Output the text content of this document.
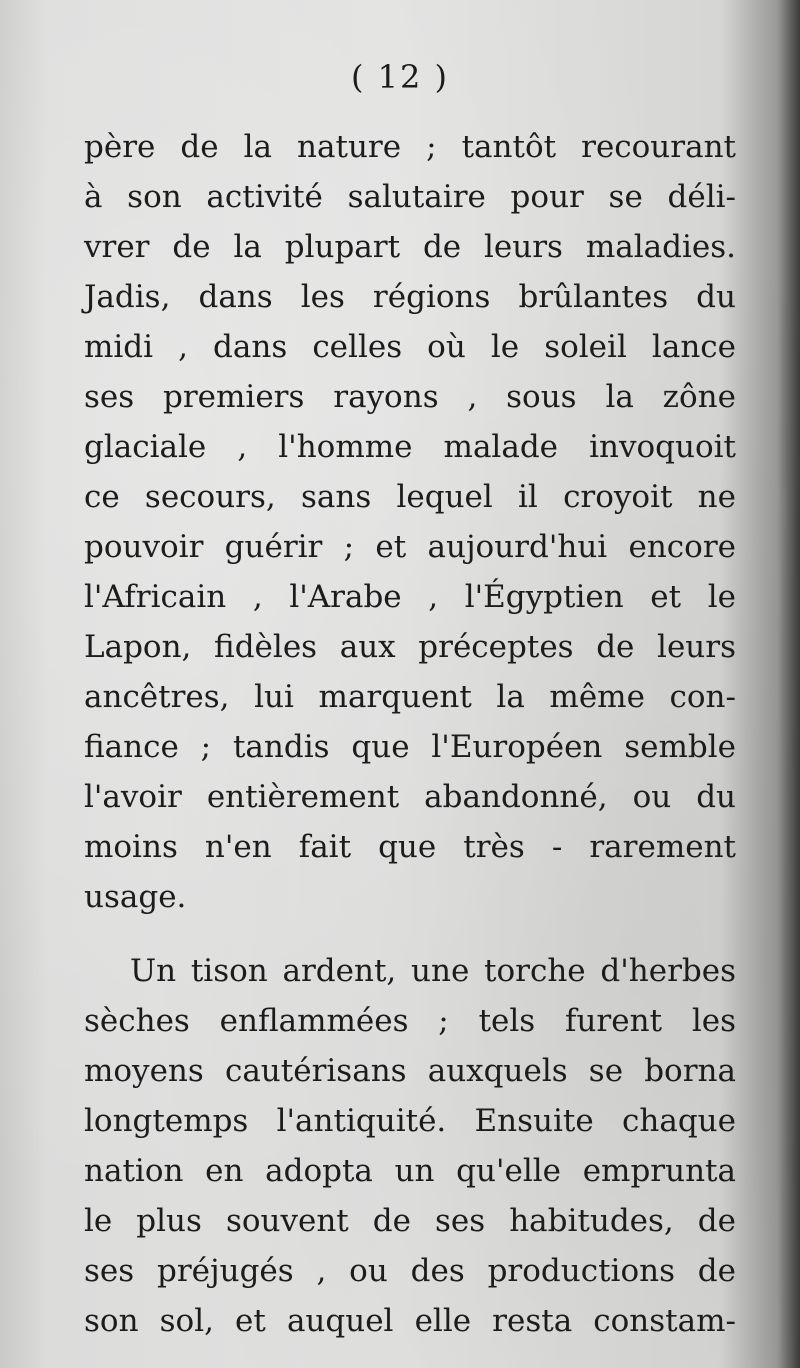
( 12 )
père de la nature ; tantôt recourant
à son activité salutaire pour se déli-
vrer de la plupart de leurs maladies.
Jadis, dans les régions brûlantes du
midi , dans celles où le soleil lance
ses premiers rayons , sous la zône
glaciale , l'homme malade invoquoit
ce secours, sans lequel il croyoit ne
pouvoir guérir ; et aujourd'hui encore
l'Africain , l'Arabe , l'Égyptien et le
Lapon, fidèles aux préceptes de leurs
ancêtres, lui marquent la même con-
fiance ; tandis que l'Européen semble
l'avoir entièrement abandonné, ou du
moins n'en fait que très - rarement
usage.
Un tison ardent, une torche d'herbes
sèches enflammées ; tels furent les
moyens cautérisans auxquels se borna
longtemps l'antiquité. Ensuite chaque
nation en adopta un qu'elle emprunta
le plus souvent de ses habitudes, de
ses préjugés , ou des productions de
son sol, et auquel elle resta constam-
